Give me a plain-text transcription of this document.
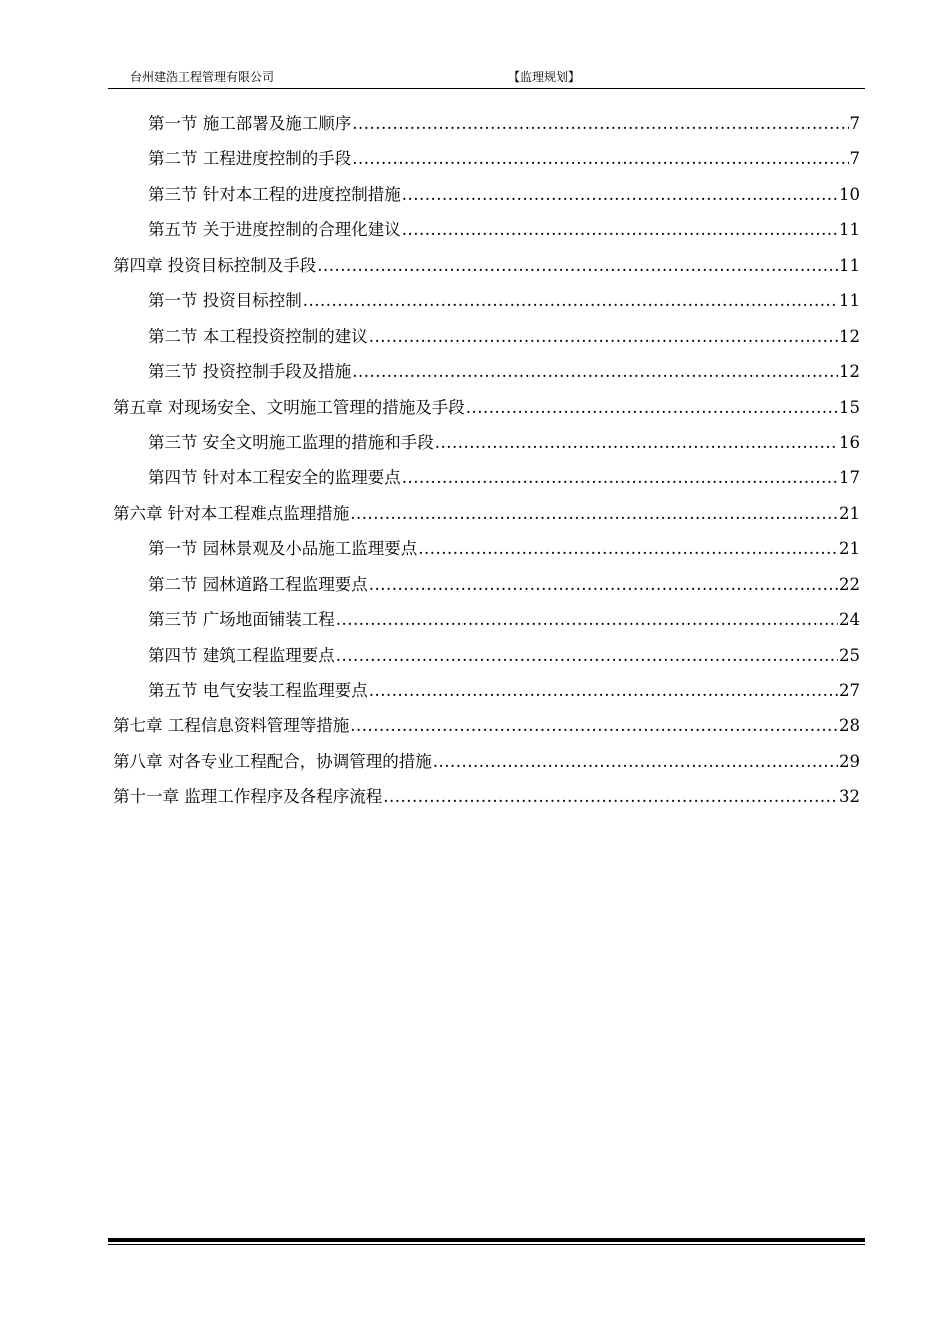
台州建浩工程管理有限公司	【监理规划】
第一节 施工部署及施工顺序 .....	7
第二节 工程进度控制的手段 .....	7
第三节 针对本工程的进度控制措施 .....	10
第五节 关于进度控制的合理化建议 .....	11
第四章 投资目标控制及手段 .....	11
第一节 投资目标控制 .....	11
第二节 本工程投资控制的建议 .....	12
第三节 投资控制手段及措施 .....	12
第五章 对现场安全、文明施工管理的措施及手段 .....	15
第三节 安全文明施工监理的措施和手段 .....	16
第四节 针对本工程安全的监理要点 .....	17
第六章 针对本工程难点监理措施 .....	21
第一节 园林景观及小品施工监理要点 .....	21
第二节 园林道路工程监理要点 .....	22
第三节 广场地面铺装工程 .....	24
第四节 建筑工程监理要点 .....	25
第五节 电气安装工程监理要点 .....	27
第七章 工程信息资料管理等措施 .....	28
第八章 对各专业工程配合，协调管理的措施 .....	29
第十一章 监理工作程序及各程序流程 .....	32
